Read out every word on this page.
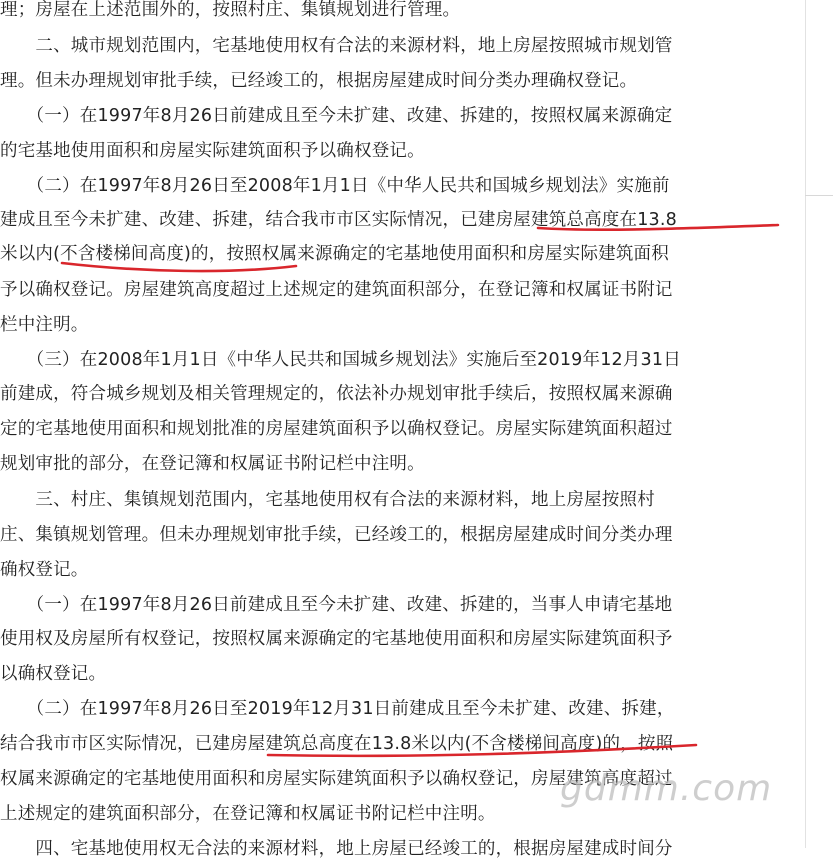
理；房屋在上述范围外的，按照村庄、集镇规划进行管理。
　　二、城市规划范围内，宅基地使用权有合法的来源材料，地上房屋按照城市规划管
理。但未办理规划审批手续，已经竣工的，根据房屋建成时间分类办理确权登记。
　　（一）在1997年8月26日前建成且至今未扩建、改建、拆建的，按照权属来源确定
的宅基地使用面积和房屋实际建筑面积予以确权登记。
　　（二）在1997年8月26日至2008年1月1日《中华人民共和国城乡规划法》实施前
建成且至今未扩建、改建、拆建，结合我市市区实际情况，已建房屋建筑总高度在13.8
米以内(不含楼梯间高度)的，按照权属来源确定的宅基地使用面积和房屋实际建筑面积
予以确权登记。房屋建筑高度超过上述规定的建筑面积部分，在登记簿和权属证书附记
栏中注明。
　　（三）在2008年1月1日《中华人民共和国城乡规划法》实施后至2019年12月31日
前建成，符合城乡规划及相关管理规定的，依法补办规划审批手续后，按照权属来源确
定的宅基地使用面积和规划批准的房屋建筑面积予以确权登记。房屋实际建筑面积超过
规划审批的部分，在登记簿和权属证书附记栏中注明。
　　三、村庄、集镇规划范围内，宅基地使用权有合法的来源材料，地上房屋按照村
庄、集镇规划管理。但未办理规划审批手续，已经竣工的，根据房屋建成时间分类办理
确权登记。
　　（一）在1997年8月26日前建成且至今未扩建、改建、拆建的，当事人申请宅基地
使用权及房屋所有权登记，按照权属来源确定的宅基地使用面积和房屋实际建筑面积予
以确权登记。
　　（二）在1997年8月26日至2019年12月31日前建成且至今未扩建、改建、拆建，
结合我市市区实际情况，已建房屋建筑总高度在13.8米以内(不含楼梯间高度)的，按照
权属来源确定的宅基地使用面积和房屋实际建筑面积予以确权登记，房屋建筑高度超过
上述规定的建筑面积部分，在登记簿和权属证书附记栏中注明。
　　四、宅基地使用权无合法的来源材料，地上房屋已经竣工的，根据房屋建成时间分
gdmm.com
